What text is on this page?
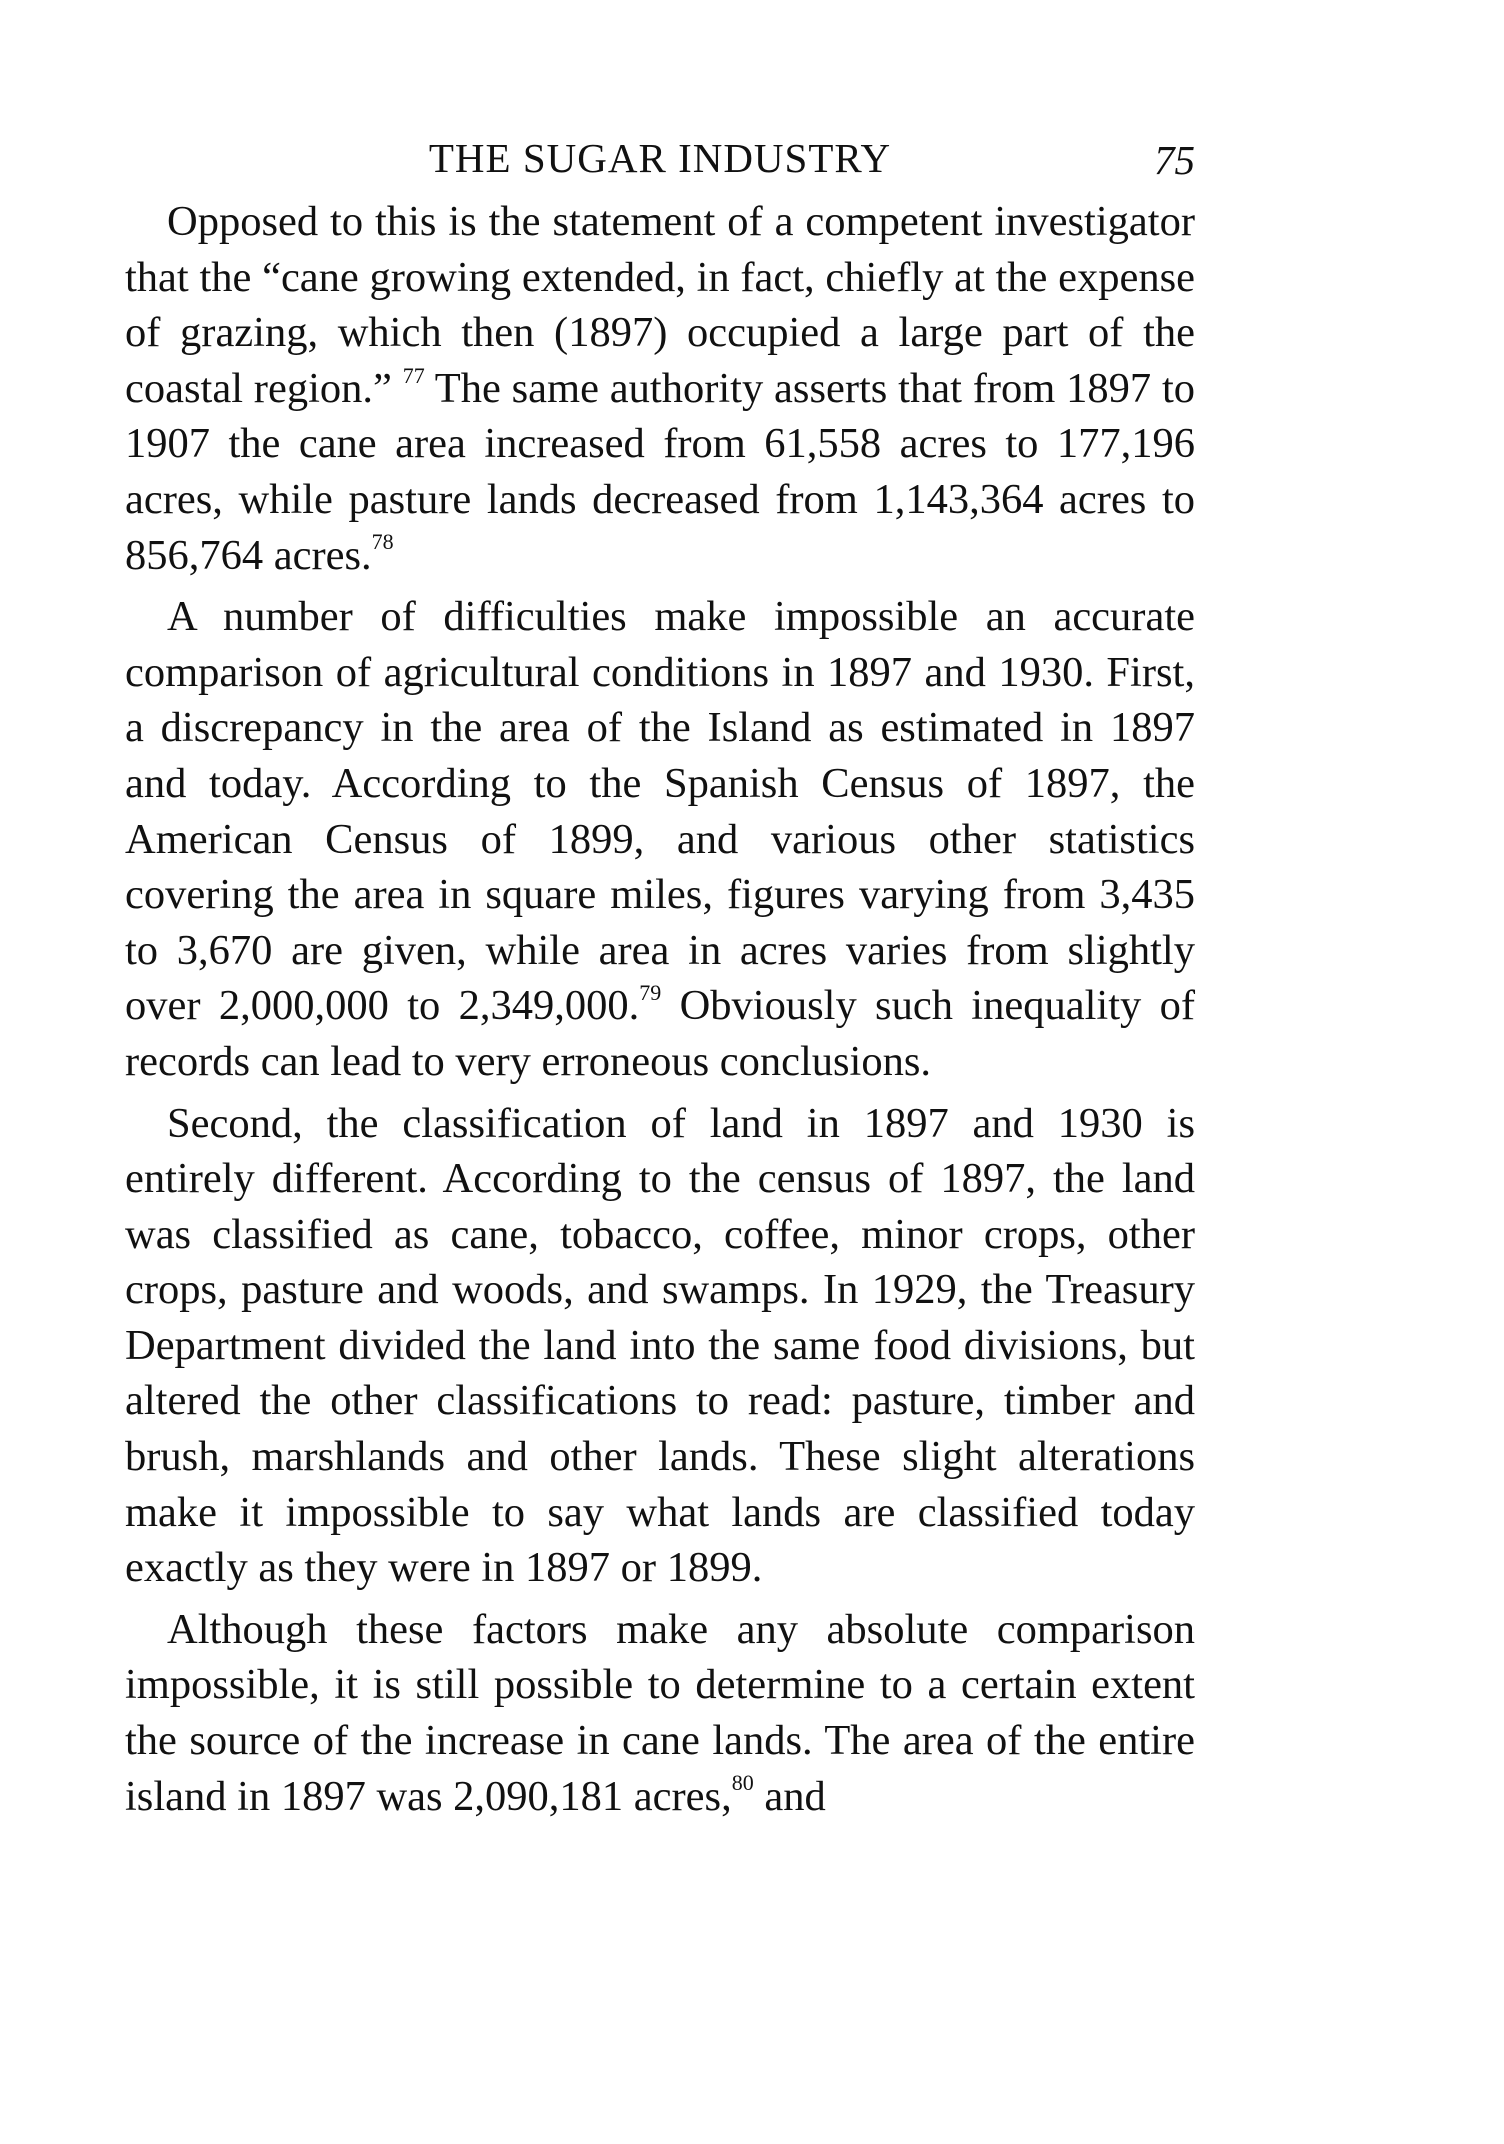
THE SUGAR INDUSTRY	75

Opposed to this is the statement of a competent investigator that the “cane growing extended, in fact, chiefly at the expense of grazing, which then (1897) occupied a large part of the coastal region.” $^{77}$ The same authority asserts that from 1897 to 1907 the cane area increased from 61,558 acres to 177,196 acres, while pasture lands decreased from 1,143,364 acres to 856,764 acres.$^{78}$

A number of difficulties make impossible an accurate comparison of agricultural conditions in 1897 and 1930. First, a discrepancy in the area of the Island as estimated in 1897 and today. According to the Spanish Census of 1897, the American Census of 1899, and various other statistics covering the area in square miles, figures varying from 3,435 to 3,670 are given, while area in acres varies from slightly over 2,000,000 to 2,349,000.79 Obviously such inequality of records can lead to very erroneous conclusions.

Second, the classification of land in 1897 and 1930 is entirely different. According to the census of 1897, the land was classified as cane, tobacco, coffee, minor crops, other crops, pasture and woods, and swamps. In 1929, the Treasury Department divided the land into the same food divisions, but altered the other classifications to read: pasture, timber and brush, marshlands and other lands. These slight alterations make it impossible to say what lands are classified today exactly as they were in 1897 or 1899.

Although these factors make any absolute comparison impossible, it is still possible to determine to a certain extent the source of the increase in cane lands. The area of the entire island in 1897 was 2,090,181 acres,$^{80}$ and
